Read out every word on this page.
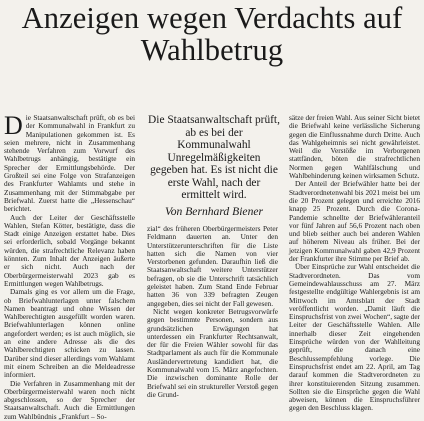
Anzeigen wegen Verdachts auf Wahlbetrug

Die Staatsanwaltschaft prüft, ob es bei der Kommunalwahl in Frankfurt zu Manipulationen gekommen ist. Es seien mehrere, nicht in Zusammenhang stehende Verfahren zum Vorwurf des Wahlbetrugs anhängig, bestätigte ein Sprecher der Ermittlungsbehörde. Der Großteil sei eine Folge von Strafanzeigen des Frankfurter Wahlamts und stehe in Zusammenhang mit der Stimmabgabe per Briefwahl. Zuerst hatte die „Hessenschau“ berichtet.

Auch der Leiter der Geschäftsstelle Wahlen, Stefan Kötter, bestätigte, dass die Stadt einige Anzeigen erstattet habe. Dies sei erforderlich, sobald Vorgänge bekannt würden, die strafrechtliche Relevanz haben könnten. Zum Inhalt der Anzeigen äußerte er sich nicht. Auch nach der Oberbürgermeisterwahl 2023 gab es Ermittlungen wegen Wahlbetrugs.

Damals ging es vor allem um die Frage, ob Briefwahlunterlagen unter falschem Namen beantragt und ohne Wissen der Wahlberechtigten ausgefüllt worden waren. Briefwahlunterlagen können online angefordert werden; es ist auch möglich, sie an eine andere Adresse als die des Wahlberechtigten schicken zu lassen. Darüber sind dieser allerdings vom Wahlamt mit einem Schreiben an die Meldeadresse informiert.

Die Verfahren in Zusammenhang mit der Oberbürgermeisterwahl waren noch nicht abgeschlossen, so der Sprecher der Staatsanwaltschaft. Auch die Ermittlungen zum Wahlbündnis „Frankfurt – So-

Die Staatsanwaltschaft prüft, ab es bei der Kommunalwahl Unregelmäßigkeiten gegeben hat. Es ist nicht die erste Wahl, nach der ermittelt wird.
Von Bernhard Biener

zial“ des früheren Oberbürgermeisters Peter Feldmann dauerten an. Unter den Unterstützerunterschriften für die Liste hatten sich die Namen von vier Verstorbenen gefunden. Daraufhin ließ die Staatsanwaltschaft weitere Unterstützer befragen, ob sie die Unterschrift tatsächlich geleistet haben. Zum Stand Ende Februar hatten 36 von 339 befragten Zeugen angegeben, dies sei nicht der Fall gewesen.

Nicht wegen konkreter Betrugsvorwürfe gegen bestimmte Personen, sondern aus grundsätzlichen Erwägungen hat unterdessen ein Frankfurter Rechtsanwalt, der für die Freien Wähler sowohl für das Stadtparlament als auch für die Kommunale Ausländervertretung kandidiert hat, die Kommunalwahl vom 15. März angefochten. Die inzwischen dominante Rolle der Briefwahl sei ein struktureller Verstoß gegen die Grund-

sätze der freien Wahl. Aus seiner Sicht bietet die Briefwahl keine verlässliche Sicherung gegen die Einflussnahme durch Dritte. Auch das Wahlgeheimnis sei nicht gewährleistet. Weil die Verstöße im Verborgenen stattfänden, böten die strafrechtlichen Normen gegen Wahlfälschung und Wahlbehinderung keinen wirksamen Schutz.

Der Anteil der Briefwähler hatte bei der Stadtverordnetenwahl bis 2021 meist bei um die 20 Prozent gelegen und erreichte 2016 knapp 25 Prozent. Durch die Corona-Pandemie schnellte der Briefwähleranteil vor fünf Jahren auf 56,6 Prozent nach oben und blieb seither auch bei anderen Wahlen auf höherem Niveau als früher. Bei der jetzigen Kommunalwahl gaben 42,9 Prozent der Frankfurter ihre Stimme per Brief ab.

Über Einsprüche zur Wahl entscheidet die Stadtverordneten. Das vom Gemeindewahlausschuss am 27. März festgestellte endgültige Wahlergebnis ist am Mittwoch im Amtsblatt der Stadt veröffentlicht worden. „Damit läuft die Einspruchsfrist von zwei Wochen“, sagte der Leiter der Geschäftsstelle Wahlen. Alle innerhalb dieser Zeit eingehenden Einsprüche würden von der Wahlleitung geprüft, die danach eine Beschlussempfehlung vorlege. Die Einspruchsfrist endet am 22. April, am Tag darauf kommen die Stadtverordneten zu ihrer konstituierenden Sitzung zusammen. Sollten sie die Einsprüche gegen die Wahl abweisen, können die Einspruchsführer gegen den Beschluss klagen.
